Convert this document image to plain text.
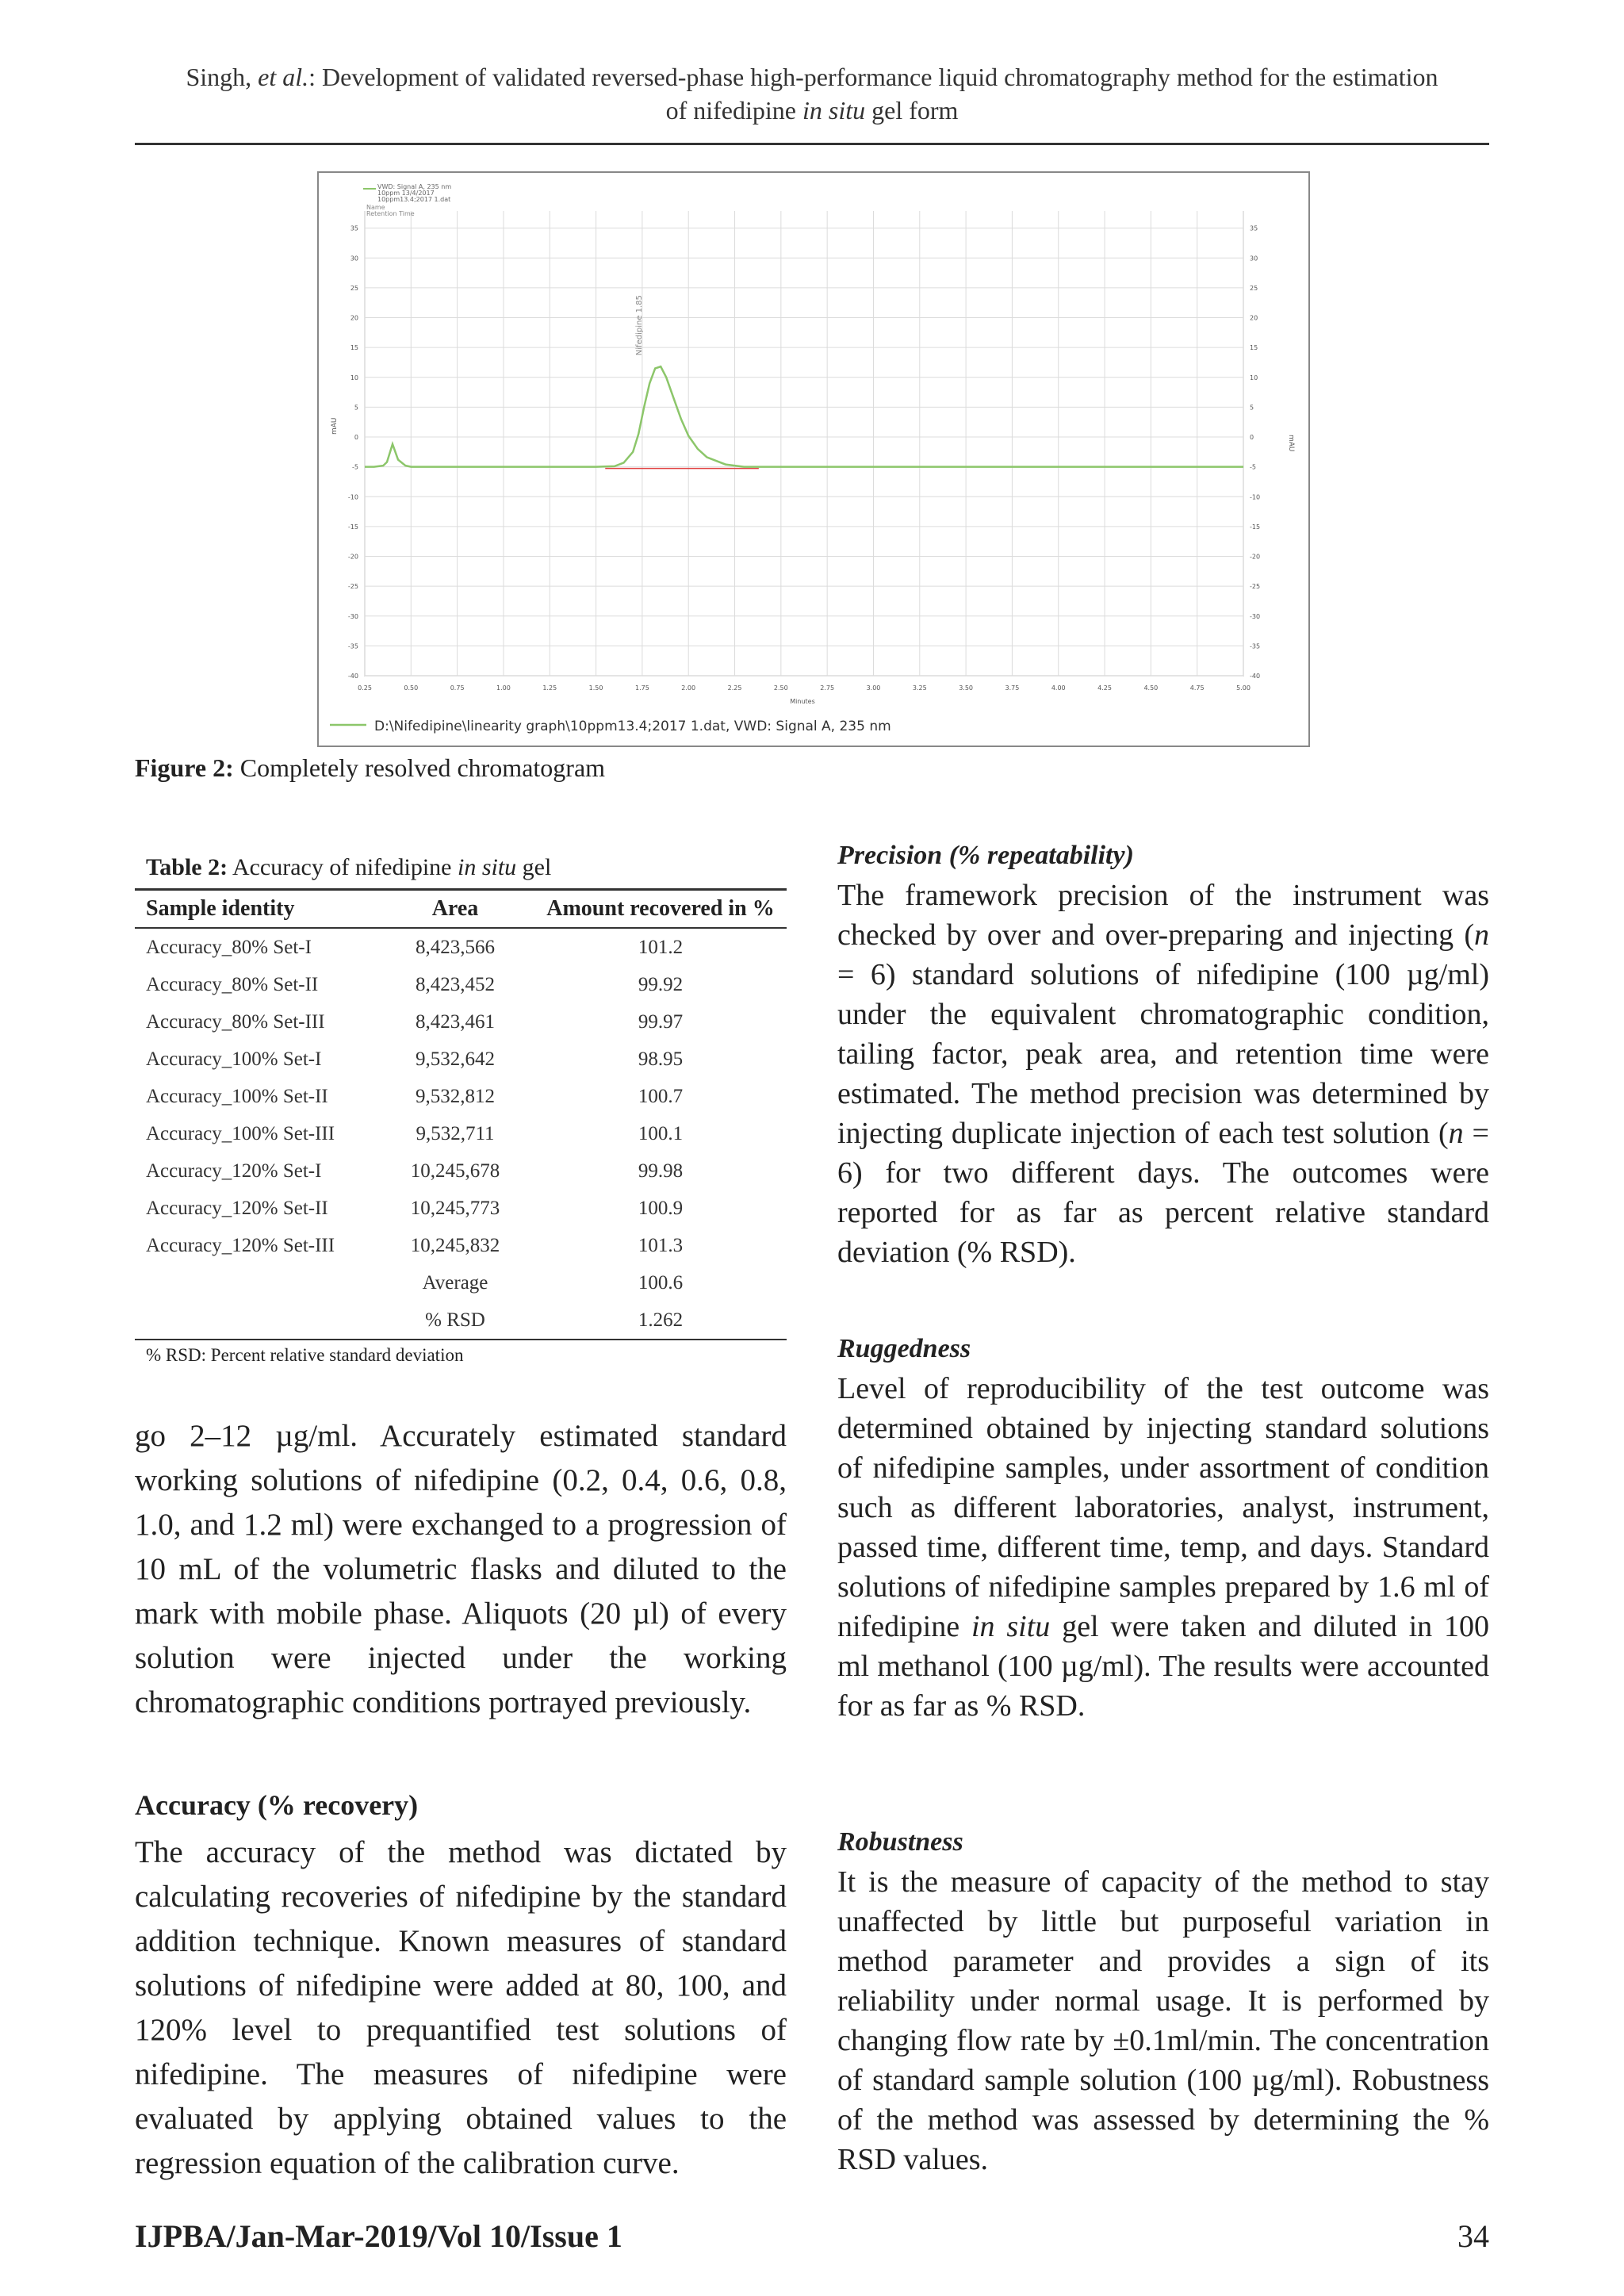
Singh, et al.: Development of validated reversed-phase high-performance liquid chromatography method for the estimation
of nifedipine in situ gel form
35
30
25
20
15
10
5
0
-5
-10
-15
-20
-25
-30
-35
-40
35
30
25
20
15
10
5
0
-5
-10
-15
-20
-25
-30
-35
-40
0.25	0.50	0.75	1.00	1.25	1.50	1.75	2.00	2.25	2.50	2.75	3.00	3.25	3.50	3.75	4.00	4.25	4.50	4.75	5.00
VWD: Signal A, 235 nm
10ppm 13/4/2017
10ppm13.4;2017 1.dat
Name
Retention Time
mAU
mAU
Minutes
Nifedipine 1.85
D:\Nifedipine\linearity graph\10ppm13.4;2017 1.dat, VWD: Signal A, 235 nm
Figure 2: Completely resolved chromatogram
Table 2: Accuracy of nifedipine in situ gel
Sample identity	Area	Amount recovered in %
Accuracy_80% Set-I	8,423,566	101.2
Accuracy_80% Set-II	8,423,452	99.92
Accuracy_80% Set-III	8,423,461	99.97
Accuracy_100% Set-I	9,532,642	98.95
Accuracy_100% Set-II	9,532,812	100.7
Accuracy_100% Set-III	9,532,711	100.1
Accuracy_120% Set-I	10,245,678	99.98
Accuracy_120% Set-II	10,245,773	100.9
Accuracy_120% Set-III	10,245,832	101.3
	Average	100.6
	% RSD	1.262
% RSD: Percent relative standard deviation

go 2–12 µg/ml. Accurately estimated standard working solutions of nifedipine (0.2, 0.4, 0.6, 0.8, 1.0, and 1.2 ml) were exchanged to a progression of 10 mL of the volumetric flasks and diluted to the mark with mobile phase. Aliquots (20 µl) of every solution were injected under the working chromatographic conditions portrayed previously.

Accuracy (% recovery)

The accuracy of the method was dictated by calculating recoveries of nifedipine by the standard addition technique. Known measures of standard solutions of nifedipine were added at 80, 100, and 120% level to prequantified test solutions of nifedipine. The measures of nifedipine were evaluated by applying obtained values to the regression equation of the calibration curve.

Precision (% repeatability)

The framework precision of the instrument was checked by over and over-preparing and injecting (n = 6) standard solutions of nifedipine (100 µg/ml) under the equivalent chromatographic condition, tailing factor, peak area, and retention time were estimated. The method precision was determined by injecting duplicate injection of each test solution (n = 6) for two different days. The outcomes were reported for as far as percent relative standard deviation (% RSD).

Ruggedness

Level of reproducibility of the test outcome was determined obtained by injecting standard solutions of nifedipine samples, under assortment of condition such as different laboratories, analyst, instrument, passed time, different time, temp, and days. Standard solutions of nifedipine samples prepared by 1.6 ml of nifedipine in situ gel were taken and diluted in 100 ml methanol (100 µg/ml). The results were accounted for as far as % RSD.

Robustness

It is the measure of capacity of the method to stay unaffected by little but purposeful variation in method parameter and provides a sign of its reliability under normal usage. It is performed by changing flow rate by ±0.1ml/min. The concentration of standard sample solution (100 µg/ml). Robustness of the method was assessed by determining the % RSD values.

IJPBA/Jan-Mar-2019/Vol 10/Issue 1	34
